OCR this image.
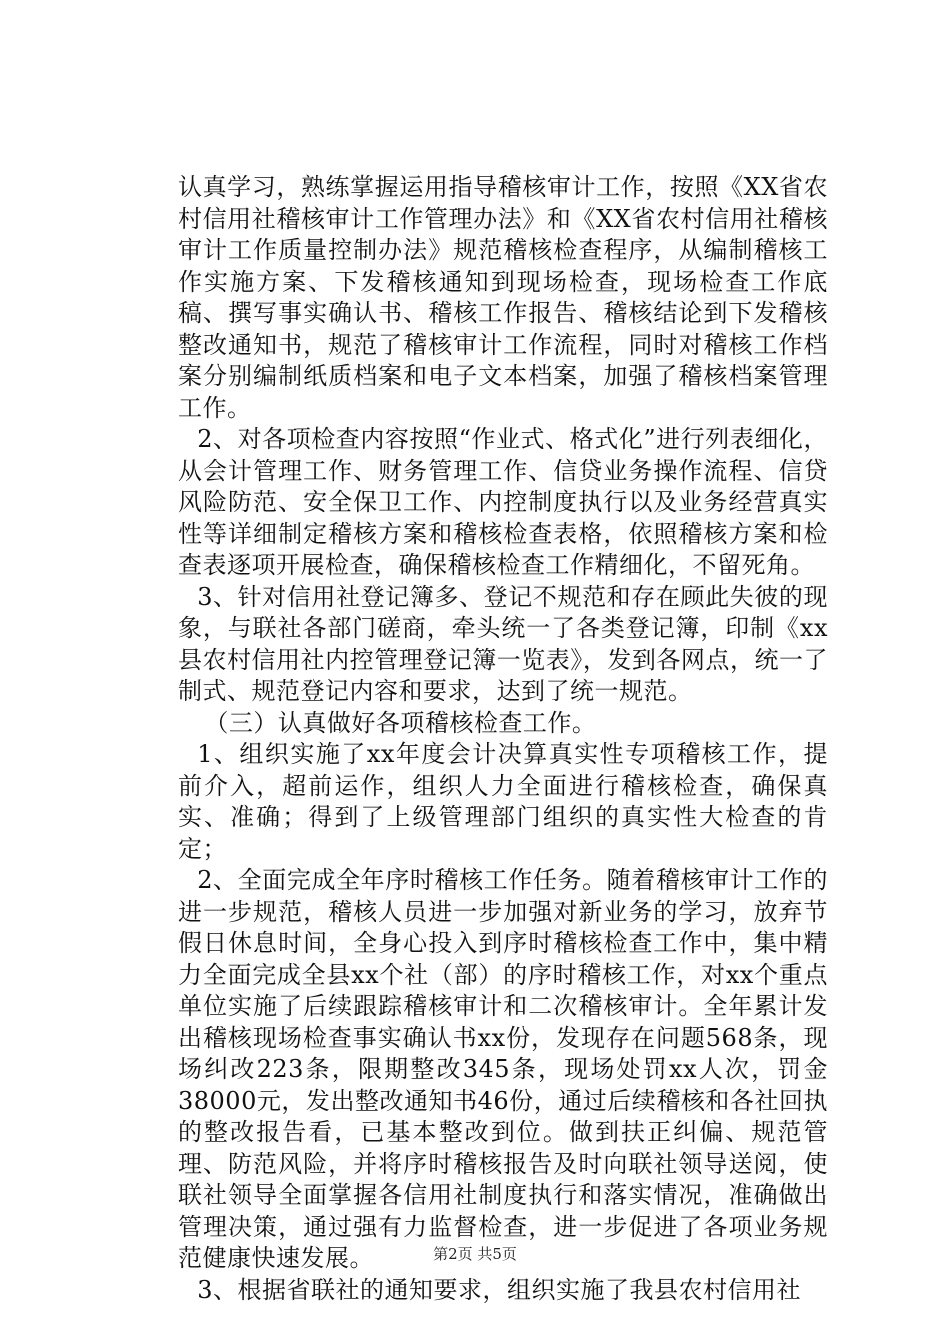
认真学习，熟练掌握运用指导稽核审计工作，按照《XX省农村信用社稽核审计工作管理办法》和《XX省农村信用社稽核审计工作质量控制办法》规范稽核检查程序，从编制稽核工作实施方案、下发稽核通知到现场检查，现场检查工作底稿、撰写事实确认书、稽核工作报告、稽核结论到下发稽核整改通知书，规范了稽核审计工作流程，同时对稽核工作档案分别编制纸质档案和电子文本档案，加强了稽核档案管理工作。

2、对各项检查内容按照“作业式、格式化”进行列表细化，从会计管理工作、财务管理工作、信贷业务操作流程、信贷风险防范、安全保卫工作、内控制度执行以及业务经营真实性等详细制定稽核方案和稽核检查表格，依照稽核方案和检查表逐项开展检查，确保稽核检查工作精细化，不留死角。

3、针对信用社登记簿多、登记不规范和存在顾此失彼的现象，与联社各部门磋商，牵头统一了各类登记簿，印制《xx县农村信用社内控管理登记簿一览表》，发到各网点，统一了制式、规范登记内容和要求，达到了统一规范。

（三）认真做好各项稽核检查工作。

1、组织实施了xx年度会计决算真实性专项稽核工作，提前介入，超前运作，组织人力全面进行稽核检查，确保真实、准确；得到了上级管理部门组织的真实性大检查的肯定；

2、全面完成全年序时稽核工作任务。随着稽核审计工作的进一步规范，稽核人员进一步加强对新业务的学习，放弃节假日休息时间，全身心投入到序时稽核检查工作中，集中精力全面完成全县xx个社（部）的序时稽核工作，对xx个重点单位实施了后续跟踪稽核审计和二次稽核审计。全年累计发出稽核现场检查事实确认书xx份，发现存在问题568条，现场纠改223条，限期整改345条，现场处罚xx人次，罚金38000元，发出整改通知书46份，通过后续稽核和各社回执的整改报告看，已基本整改到位。做到扶正纠偏、规范管理、防范风险，并将序时稽核报告及时向联社领导送阅，使联社领导全面掌握各信用社制度执行和落实情况，准确做出管理决策，通过强有力监督检查，进一步促进了各项业务规范健康快速发展。

3、根据省联社的通知要求，组织实施了我县农村信用社

第2页 共5页
